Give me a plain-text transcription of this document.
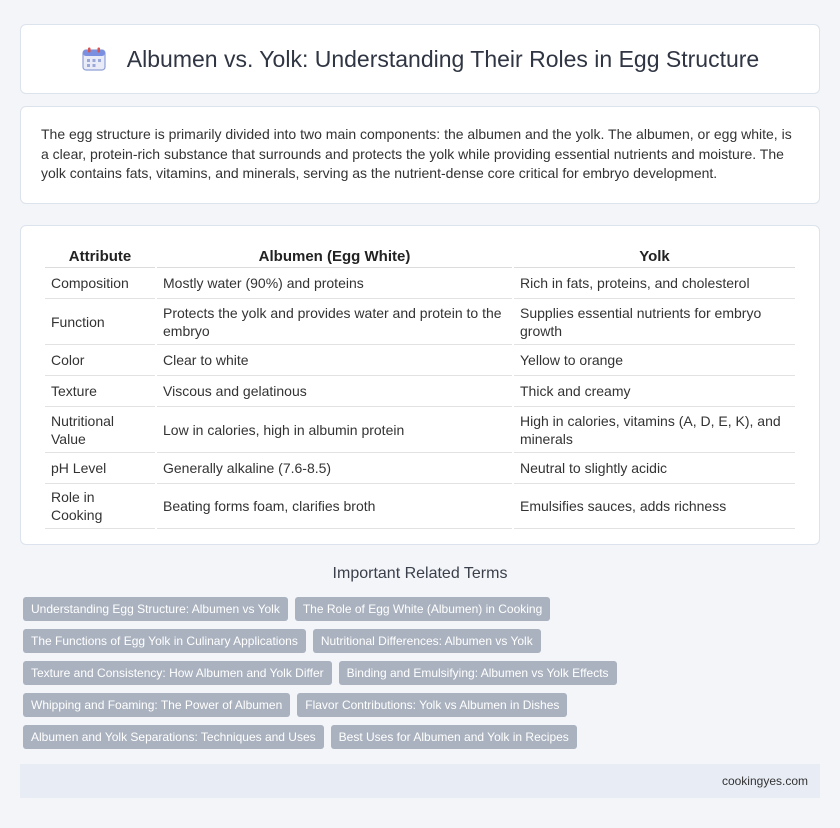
Albumen vs. Yolk: Understanding Their Roles in Egg Structure

The egg structure is primarily divided into two main components: the albumen and the yolk. The albumen, or egg white, is a clear, protein-rich substance that surrounds and protects the yolk while providing essential nutrients and moisture. The yolk contains fats, vitamins, and minerals, serving as the nutrient-dense core critical for embryo development.

Attribute	Albumen (Egg White)	Yolk
Composition	Mostly water (90%) and proteins	Rich in fats, proteins, and cholesterol
Function	Protects the yolk and provides water and protein to the embryo	Supplies essential nutrients for embryo growth
Color	Clear to white	Yellow to orange
Texture	Viscous and gelatinous	Thick and creamy
Nutritional Value	Low in calories, high in albumin protein	High in calories, vitamins (A, D, E, K), and minerals
pH Level	Generally alkaline (7.6-8.5)	Neutral to slightly acidic
Role in Cooking	Beating forms foam, clarifies broth	Emulsifies sauces, adds richness
Important Related Terms
Understanding Egg Structure: Albumen vs Yolk	The Role of Egg White (Albumen) in Cooking
The Functions of Egg Yolk in Culinary Applications	Nutritional Differences: Albumen vs Yolk
Texture and Consistency: How Albumen and Yolk Differ	Binding and Emulsifying: Albumen vs Yolk Effects
Whipping and Foaming: The Power of Albumen	Flavor Contributions: Yolk vs Albumen in Dishes
Albumen and Yolk Separations: Techniques and Uses	Best Uses for Albumen and Yolk in Recipes
cookingyes.com
